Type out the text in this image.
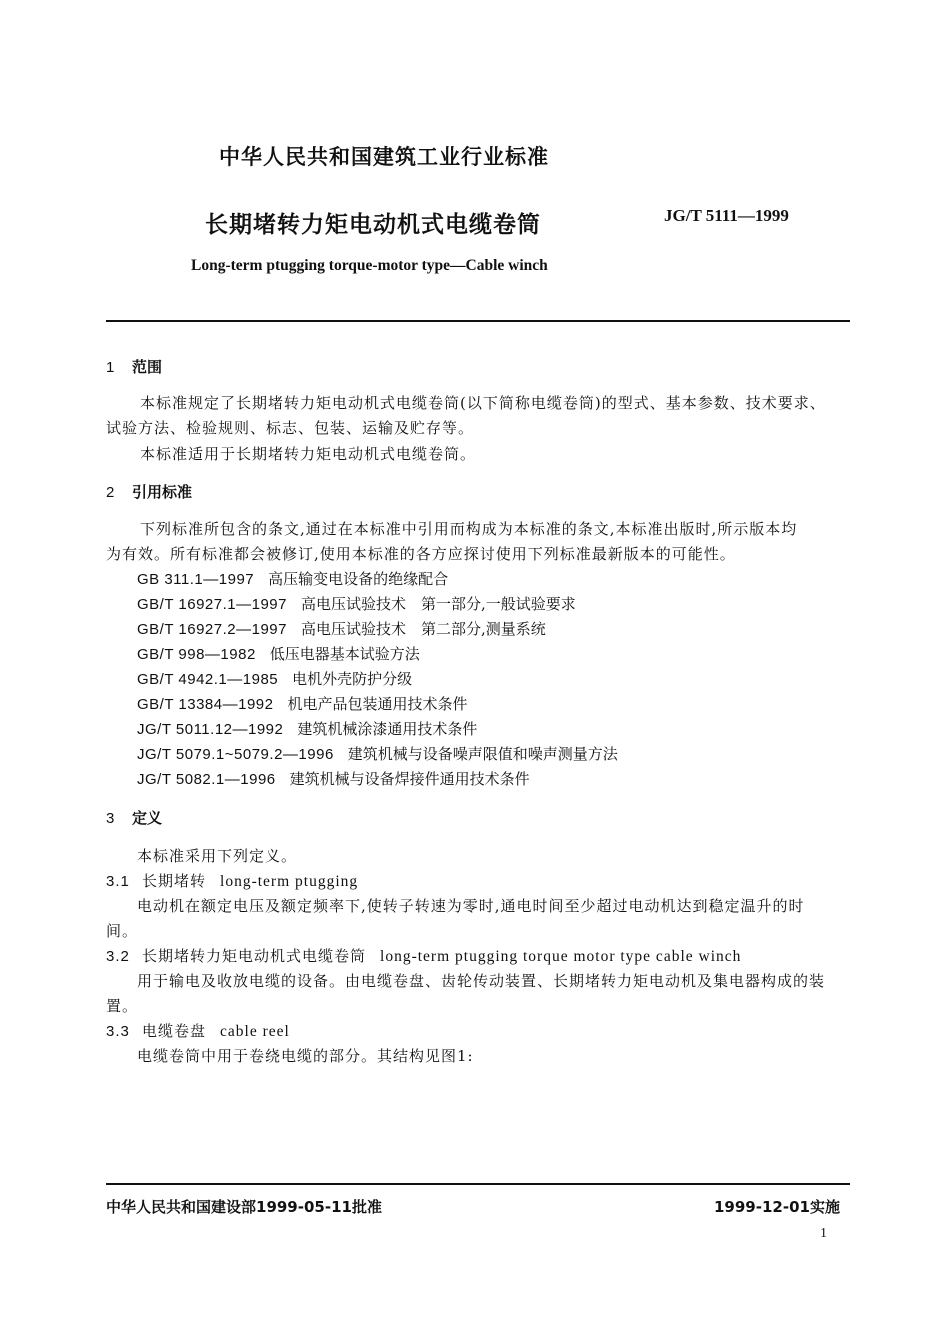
中华人民共和国建筑工业行业标准
长期堵转力矩电动机式电缆卷筒	JG/T 5111—1999
Long-term ptugging torque-motor type—Cable winch
1 范围
本标准规定了长期堵转力矩电动机式电缆卷筒(以下简称电缆卷筒)的型式、基本参数、技术要求、
试验方法、检验规则、标志、包装、运输及贮存等。
本标准适用于长期堵转力矩电动机式电缆卷筒。
2 引用标准
下列标准所包含的条文,通过在本标准中引用而构成为本标准的条文,本标准出版时,所示版本均
为有效。所有标准都会被修订,使用本标准的各方应探讨使用下列标准最新版本的可能性。
GB 311.1—1997 高压输变电设备的绝缘配合
GB/T 16927.1—1997 高电压试验技术　第一部分,一般试验要求
GB/T 16927.2—1997 高电压试验技术　第二部分,测量系统
GB/T 998—1982 低压电器基本试验方法
GB/T 4942.1—1985 电机外壳防护分级
GB/T 13384—1992 机电产品包装通用技术条件
JG/T 5011.12—1992 建筑机械涂漆通用技术条件
JG/T 5079.1~5079.2—1996 建筑机械与设备噪声限值和噪声测量方法
JG/T 5082.1—1996 建筑机械与设备焊接件通用技术条件
3 定义
本标准采用下列定义。
3.1 长期堵转 long-term ptugging
电动机在额定电压及额定频率下,使转子转速为零时,通电时间至少超过电动机达到稳定温升的时
间。
3.2 长期堵转力矩电动机式电缆卷筒 long-term ptugging torque motor type cable winch
用于输电及收放电缆的设备。由电缆卷盘、齿轮传动装置、长期堵转力矩电动机及集电器构成的装
置。
3.3 电缆卷盘 cable reel
电缆卷筒中用于卷绕电缆的部分。其结构见图1:
中华人民共和国建设部1999-05-11批准	1999-12-01实施
1
